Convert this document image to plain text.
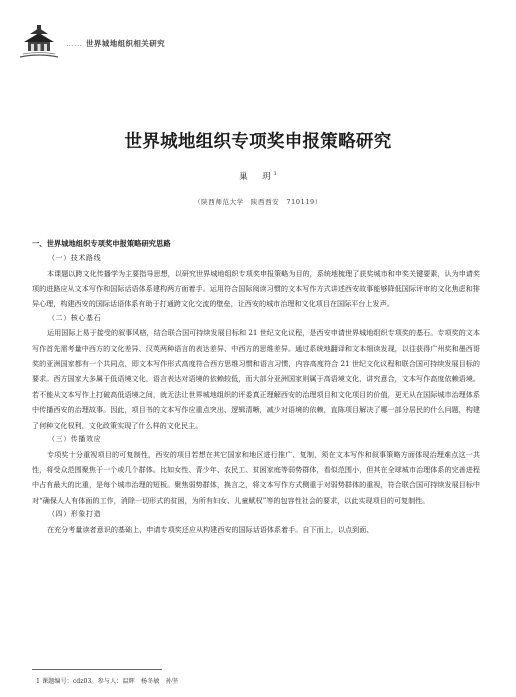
…… 世界城地组织相关研究
世界城地组织专项奖申报策略研究
巢　玥$^1$
（陕西师范大学　陕西西安　710119）
一、世界城地组织专项奖申报策略研究思路
（一）技术路线

本课题以跨文化传播学为主要指导思想，以研究世界城地组织专项奖申报策略为目的，系统地梳理了获奖城市和申奖关键要素，认为申请奖项的进路应从文本写作和国际话语体系建构两方面着手。运用符合国际阅读习惯的文本写作方式讲述西安故事能够降低国际评审的文化焦虑和排异心理，构建西安的国际话语体系有助于打通跨文化交流的壁垒，让西安的城市治理和文化项目在国际平台上发声。

（二）核心基石

运用国际上易于接受的叙事风格，结合联合国可持续发展目标和 21 世纪文化议程，是西安申请世界城地组织专项奖的基石。专项奖的文本写作首先需考量中西方的文化差异、汉英两种语言的表达差异、中西方的思维差异。通过系统地翻译和文本细读发现，以往获得广州奖和墨西哥奖的亚洲国家都有一个共同点，即文本写作形式高度符合西方思维习惯和语言习惯，内容高度符合 21 世纪文化议程和联合国可持续发展目标的要求。西方国家大多属于低语境文化，语言表达对语境的依赖较低，而大部分亚洲国家则属于高语境文化，讲究意合，文本写作高度依赖语境。若不能从文本写作上打破高低语境之间，就无法让世界城地组织的评委真正理解西安的治理项目和文化项目的价值，更无从在国际城市治理体系中传播西安的治理故事。因此，项目书的文本写作应重点突出、逻辑清晰，减少对语境的依赖，直陈项目解决了哪一部分居民的什么问题，构建了何种文化权利，文化政策实现了什么样的文化民主。

（三）传播效应

专项奖十分重视项目的可复制性，西安的项目若想在其它国家和地区进行推广、复制，须在文本写作和叙事策略方面体现治理难点这一共性，将受众范围聚焦于一个或几个群体。比如女性、青少年、农民工、贫困家庭等弱势群体，看似范围小，但其在全球城市治理体系的完善进程中占有最大的比重，是每个城市治理的短板。聚焦弱势群体，换言之，将文本写作方式侧重于对弱势群体的重视，符合联合国可持续发展目标中对“确保人人有体面的工作，消除一切形式的贫困，为所有妇女、儿童赋权”等的包容性社会的要求，以此实现项目的可复制性。

（四）形象打造

在充分考量读者意识的基础上，申请专项奖还应从构建西安的国际话语体系着手。自下而上，以点到面、

1 课题编号：cdz03。参与人：温辉　杨冬敏　孙坚
